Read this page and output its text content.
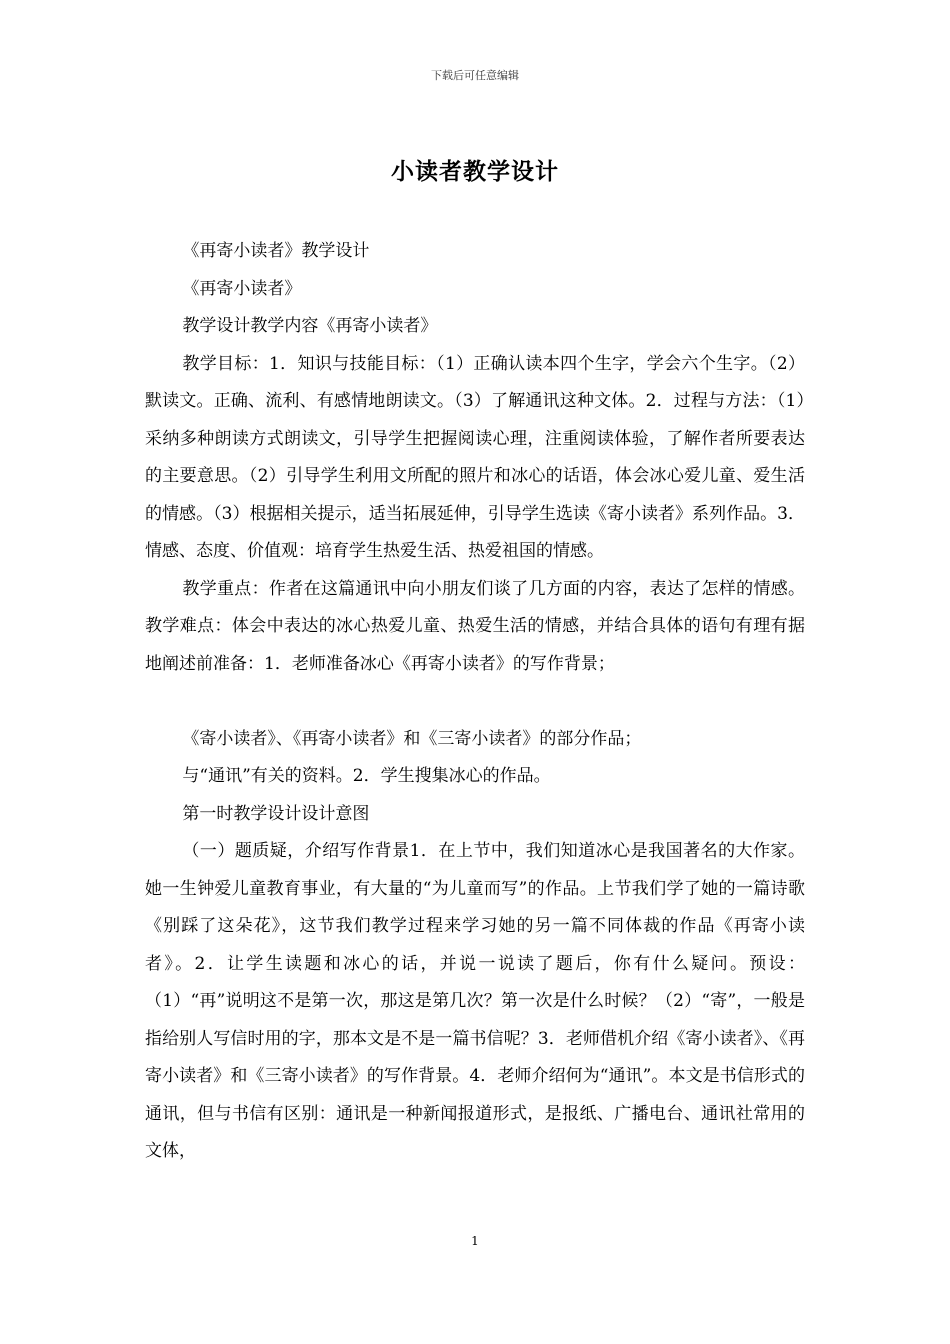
下载后可任意编辑
小读者教学设计

《再寄小读者》教学设计

《再寄小读者》

教学设计教学内容《再寄小读者》

教学目标：1．知识与技能目标：（1）正确认读本四个生字，学会六个生字。（2）默读文。正确、流利、有感情地朗读文。（3）了解通讯这种文体。2．过程与方法：（1）采纳多种朗读方式朗读文，引导学生把握阅读心理，注重阅读体验，了解作者所要表达的主要意思。（2）引导学生利用文所配的照片和冰心的话语，体会冰心爱儿童、爱生活的情感。（3）根据相关提示，适当拓展延伸，引导学生选读《寄小读者》系列作品。3．情感、态度、价值观：培育学生热爱生活、热爱祖国的情感。

教学重点：作者在这篇通讯中向小朋友们谈了几方面的内容，表达了怎样的情感。教学难点：体会中表达的冰心热爱儿童、热爱生活的情感，并结合具体的语句有理有据地阐述前准备：1．老师准备冰心《再寄小读者》的写作背景；

《寄小读者》、《再寄小读者》和《三寄小读者》的部分作品；

与“通讯”有关的资料。2．学生搜集冰心的作品。

第一时教学设计设计意图

（一）题质疑，介绍写作背景1．在上节中，我们知道冰心是我国著名的大作家。她一生钟爱儿童教育事业，有大量的“为儿童而写”的作品。上节我们学了她的一篇诗歌《别踩了这朵花》，这节我们教学过程来学习她的另一篇不同体裁的作品《再寄小读者》。2．让学生读题和冰心的话，并说一说读了题后，你有什么疑问。预设：（1）“再”说明这不是第一次，那这是第几次？第一次是什么时候？（2）“寄”，一般是指给别人写信时用的字，那本文是不是一篇书信呢？3．老师借机介绍《寄小读者》、《再寄小读者》和《三寄小读者》的写作背景。4．老师介绍何为“通讯”。本文是书信形式的通讯，但与书信有区别：通讯是一种新闻报道形式，是报纸、广播电台、通讯社常用的文体，

1
